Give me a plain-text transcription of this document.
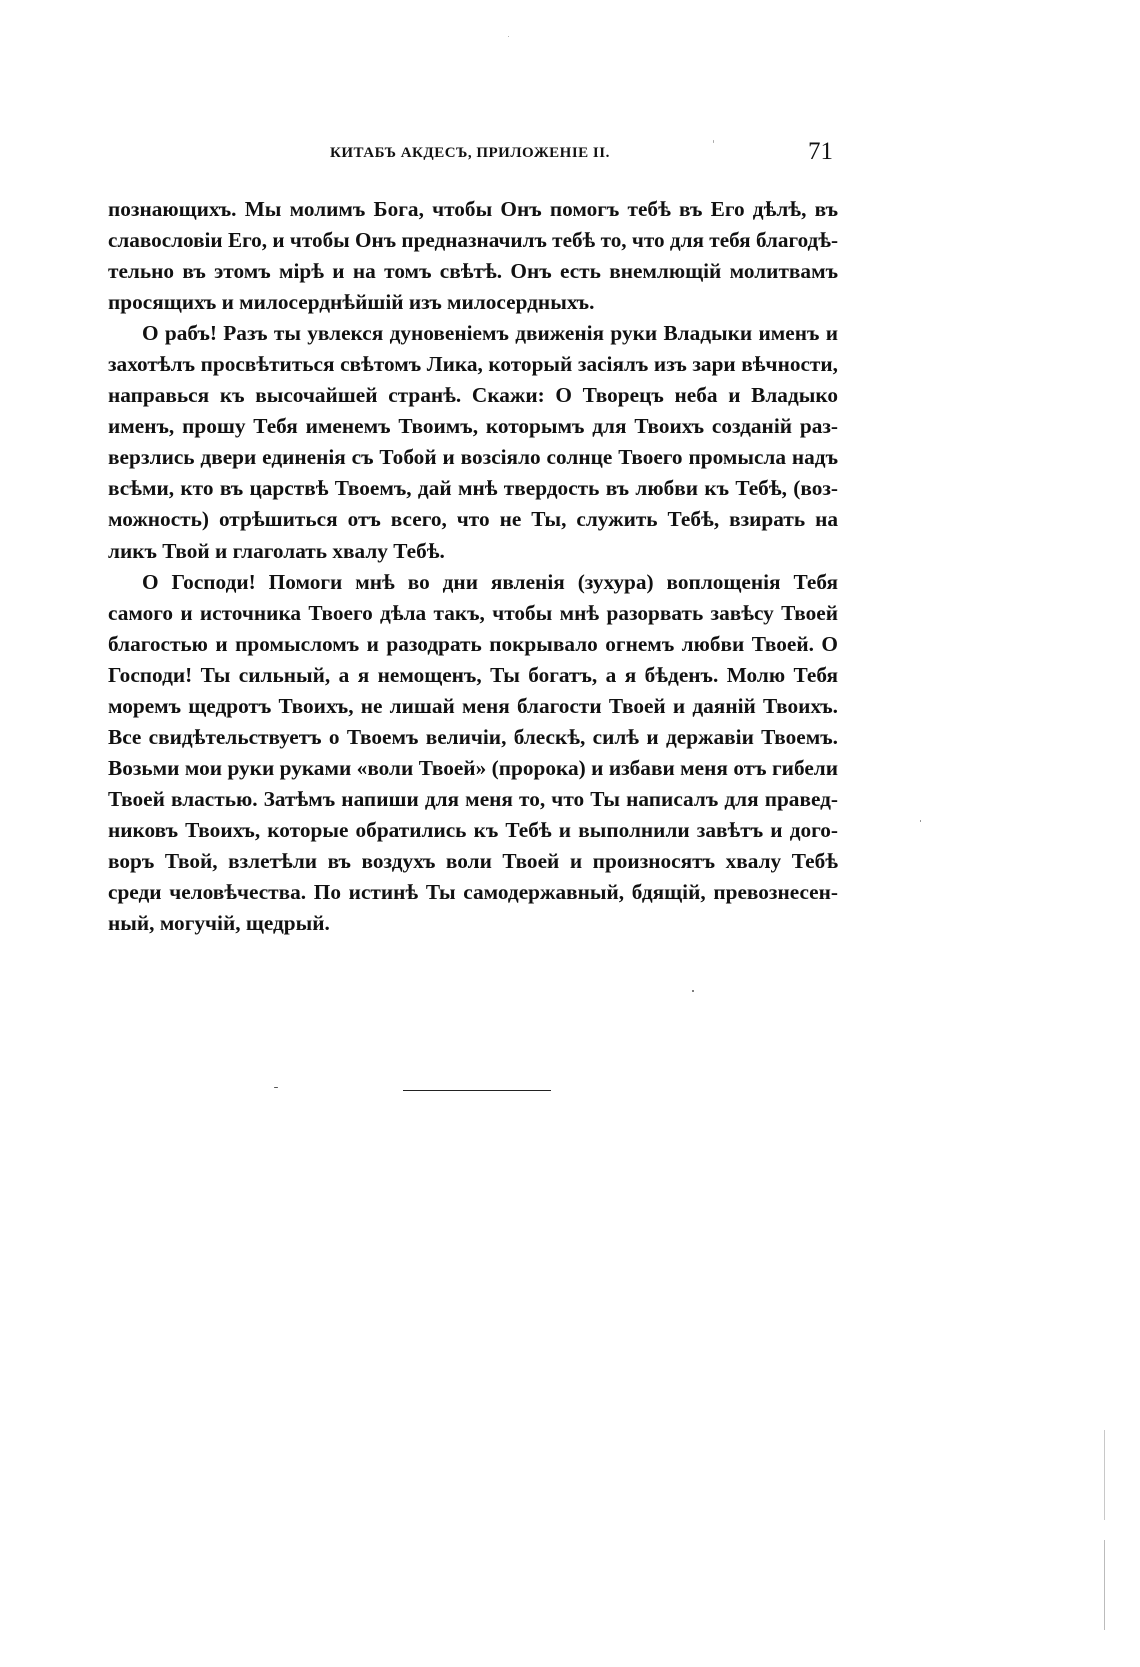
КИТАБЪ АКДЕСЪ, ПРИЛОЖЕНІЕ II.	71
познающихъ. Мы молимъ Бога, чтобы Онъ помогъ тебѣ въ Его дѣлѣ, въ
славословіи Его, и чтобы Онъ предназначилъ тебѣ то, что для тебя благодѣ-
тельно въ этомъ мірѣ и на томъ свѣтѣ. Онъ есть внемлющій молитвамъ
просящихъ и милосерднѣйшій изъ милосердныхъ.
О рабъ! Разъ ты увлекся дуновеніемъ движенія руки Владыки именъ и
захотѣлъ просвѣтиться свѣтомъ Лика, который засіялъ изъ зари вѣчности,
направься къ высочайшей странѣ. Скажи: О Творецъ неба и Владыко
именъ, прошу Тебя именемъ Твоимъ, которымъ для Твоихъ созданій раз-
верзлись двери единенія съ Тобой и возсіяло солнце Твоего промысла надъ
всѣми, кто въ царствѣ Твоемъ, дай мнѣ твердость въ любви къ Тебѣ, (воз-
можность) отрѣшиться отъ всего, что не Ты, служить Тебѣ, взирать на
ликъ Твой и глаголать хвалу Тебѣ.
О Господи! Помоги мнѣ во дни явленія (зухура) воплощенія Тебя
самого и источника Твоего дѣла такъ, чтобы мнѣ разорвать завѣсу Твоей
благостью и промысломъ и разодрать покрывало огнемъ любви Твоей. О
Господи! Ты сильный, а я немощенъ, Ты богатъ, а я бѣденъ. Молю Тебя
моремъ щедротъ Твоихъ, не лишай меня благости Твоей и даяній Твоихъ.
Все свидѣтельствуетъ о Твоемъ величіи, блескѣ, силѣ и державіи Твоемъ.
Возьми мои руки руками «воли Твоей» (пророка) и избави меня отъ гибели
Твоей властью. Затѣмъ напиши для меня то, что Ты написалъ для правед-
никовъ Твоихъ, которые обратились къ Тебѣ и выполнили завѣтъ и дого-
воръ Твой, взлетѣли въ воздухъ воли Твоей и произносятъ хвалу Тебѣ
среди человѣчества. По истинѣ Ты самодержавный, бдящій, превознесен-
ный, могучій, щедрый.
